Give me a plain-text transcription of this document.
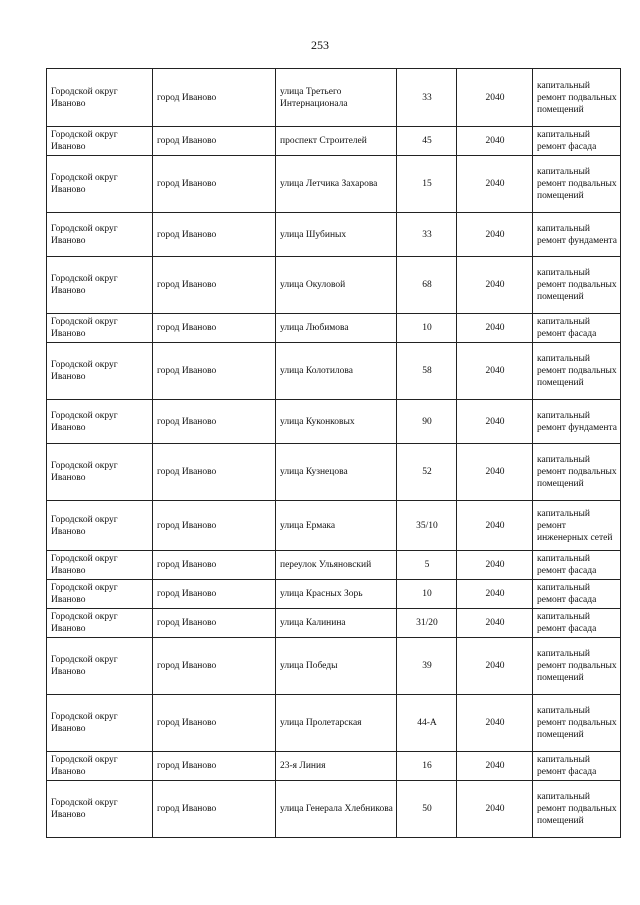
253
Городской округ Иваново	город Иваново	улица Третьего Интернационала	33	2040	капитальный ремонт подвальных помещений
Городской округ Иваново	город Иваново	проспект Строителей	45	2040	капитальный ремонт фасада
Городской округ Иваново	город Иваново	улица Летчика Захарова	15	2040	капитальный ремонт подвальных помещений
Городской округ Иваново	город Иваново	улица Шубиных	33	2040	капитальный ремонт фундамента
Городской округ Иваново	город Иваново	улица Окуловой	68	2040	капитальный ремонт подвальных помещений
Городской округ Иваново	город Иваново	улица Любимова	10	2040	капитальный ремонт фасада
Городской округ Иваново	город Иваново	улица Колотилова	58	2040	капитальный ремонт подвальных помещений
Городской округ Иваново	город Иваново	улица Куконковых	90	2040	капитальный ремонт фундамента
Городской округ Иваново	город Иваново	улица Кузнецова	52	2040	капитальный ремонт подвальных помещений
Городской округ Иваново	город Иваново	улица Ермака	35/10	2040	капитальный ремонт инженерных сетей
Городской округ Иваново	город Иваново	переулок Ульяновский	5	2040	капитальный ремонт фасада
Городской округ Иваново	город Иваново	улица Красных Зорь	10	2040	капитальный ремонт фасада
Городской округ Иваново	город Иваново	улица Калинина	31/20	2040	капитальный ремонт фасада
Городской округ Иваново	город Иваново	улица Победы	39	2040	капитальный ремонт подвальных помещений
Городской округ Иваново	город Иваново	улица Пролетарская	44-А	2040	капитальный ремонт подвальных помещений
Городской округ Иваново	город Иваново	23-я Линия	16	2040	капитальный ремонт фасада
Городской округ Иваново	город Иваново	улица Генерала Хлебникова	50	2040	капитальный ремонт подвальных помещений
